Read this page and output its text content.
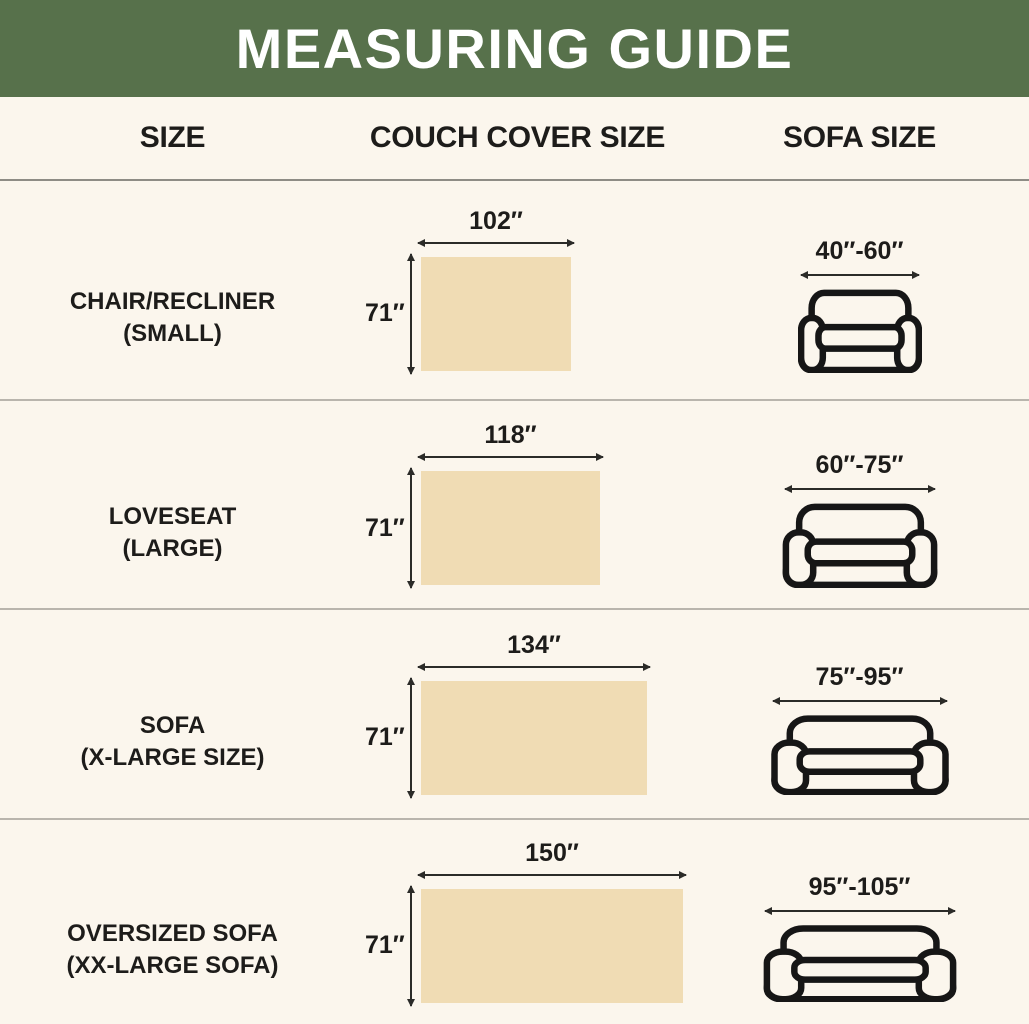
MEASURING GUIDE
SIZE	COUCH COVER SIZE	SOFA SIZE
CHAIR/RECLINER
(SMALL)
102″
71″
40″-60″
LOVESEAT
(LARGE)
118″
71″
60″-75″
SOFA
(X-LARGE SIZE)
134″
71″
75″-95″
OVERSIZED SOFA
(XX-LARGE SOFA)
150″
71″
95″-105″
